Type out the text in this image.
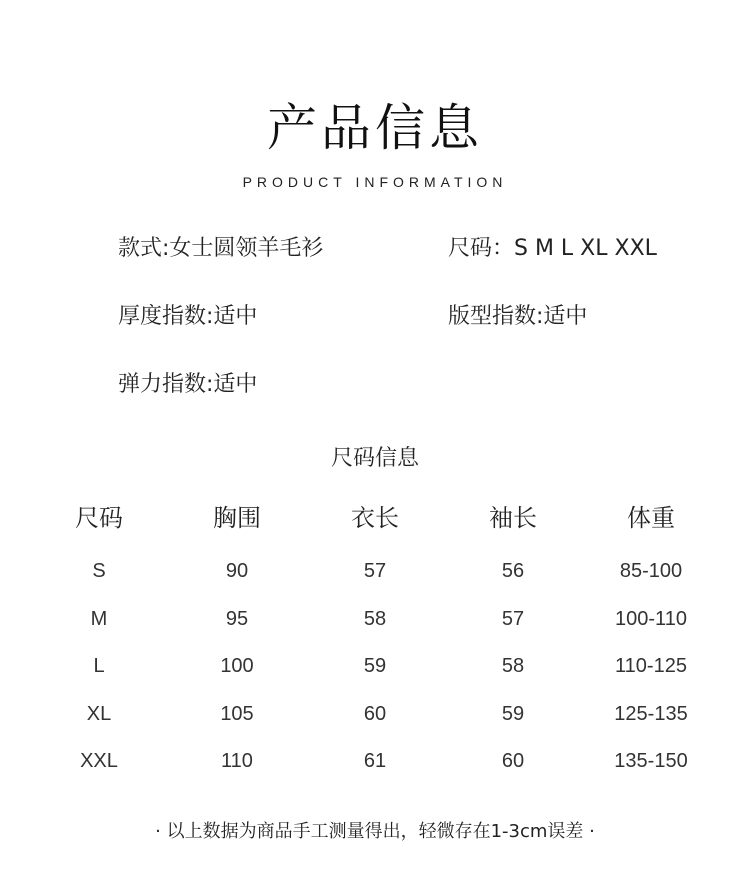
产品信息
PRODUCT INFORMATION
款式:女士圆领羊毛衫	尺码：S M L XL XXL
厚度指数:适中	版型指数:适中
弹力指数:适中
尺码信息
尺码	胸围	衣长	袖长	体重
S	90	57	56	85-100
M	95	58	57	100-110
L	100	59	58	110-125
XL	105	60	59	125-135
XXL	110	61	60	135-150
· 以上数据为商品手工测量得出，轻微存在1-3cm误差 ·
